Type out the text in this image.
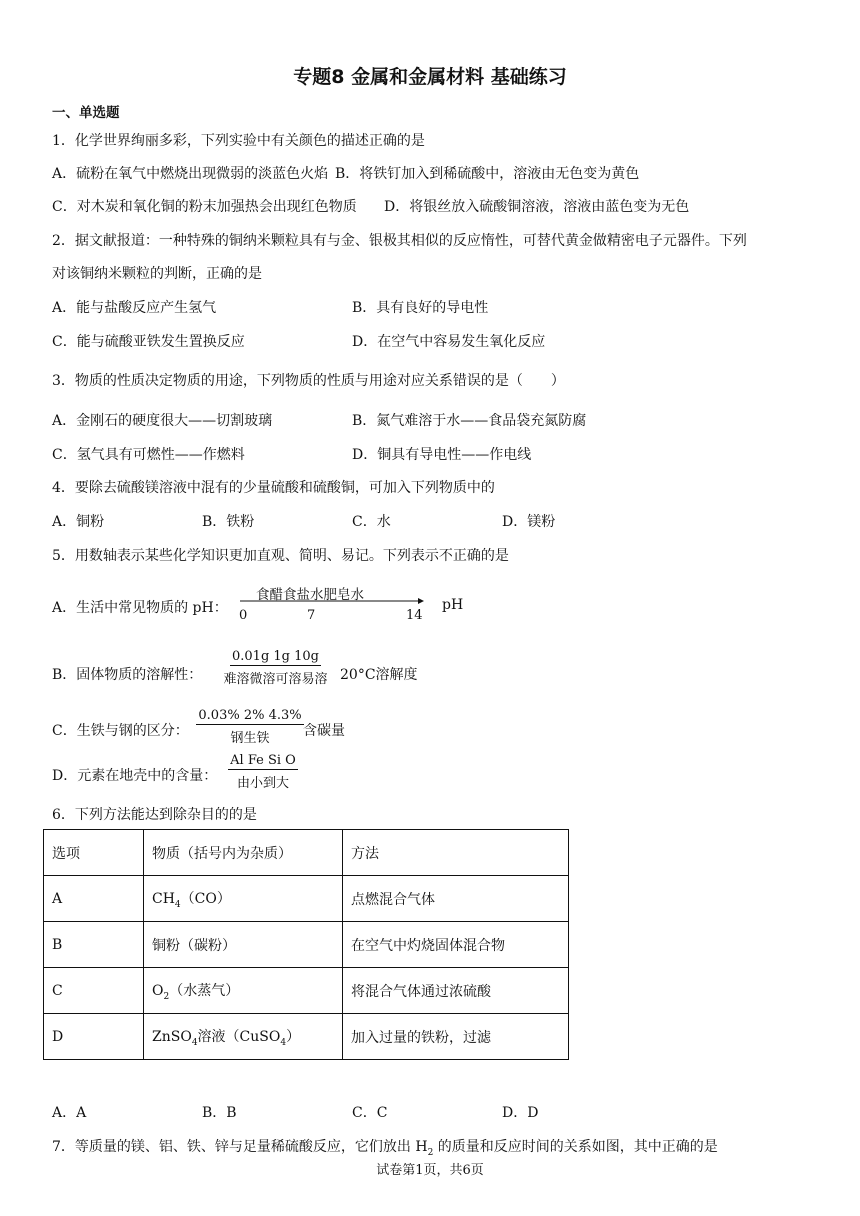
专题8 金属和金属材料 基础练习
一、单选题
1．化学世界绚丽多彩，下列实验中有关颜色的描述正确的是
A．硫粉在氧气中燃烧出现微弱的淡蓝色火焰 B．将铁钉加入到稀硫酸中，溶液由无色变为黄色
C．对木炭和氧化铜的粉末加强热会出现红色物质 D．将银丝放入硫酸铜溶液，溶液由蓝色变为无色
2．据文献报道：一种特殊的铜纳米颗粒具有与金、银极其相似的反应惰性，可替代黄金做精密电子元器件。下列
对该铜纳米颗粒的判断，正确的是
A．能与盐酸反应产生氢气	B．具有良好的导电性
C．能与硫酸亚铁发生置换反应	D．在空气中容易发生氧化反应
3．物质的性质决定物质的用途，下列物质的性质与用途对应关系错误的是（　　）
A．金刚石的硬度很大——切割玻璃	B．氮气难溶于水——食品袋充氮防腐
C．氢气具有可燃性——作燃料	D．铜具有导电性——作电线
4．要除去硫酸镁溶液中混有的少量硫酸和硫酸铜，可加入下列物质中的
A．铜粉	B．铁粉	C．水	D．镁粉
5．用数轴表示某些化学知识更加直观、简明、易记。下列表示不正确的是
A．生活中常见物质的 pH：
食醋食盐水肥皂水
0	7	14
pH
B．固体物质的溶解性：
0.01g 1g 10g
难溶微溶可溶易溶 20°C溶解度
C．生铁与钢的区分：
0.03% 2% 4.3%
钢生铁	含碳量
D．元素在地壳中的含量：
Al Fe Si O
由小到大
6．下列方法能达到除杂目的的是
选项	物质（括号内为杂质）	方法
A	$CH_4(CO)$	点燃混合气体
B	铜粉（碳粉）	在空气中灼烧固体混合物
C	$O_2$（水蒸气）	将混合气体通过浓硫酸
D	ZnSO$_4$溶液（CuSO$_4$）	加入过量的铁粉，过滤
A．A	B．B	C．C	D．D
7．等质量的镁、铝、铁、锌与足量稀硫酸反应，它们放出 $H_2$ 的质量和反应时间的关系如图，其中正确的是
试卷第1页，共6页
